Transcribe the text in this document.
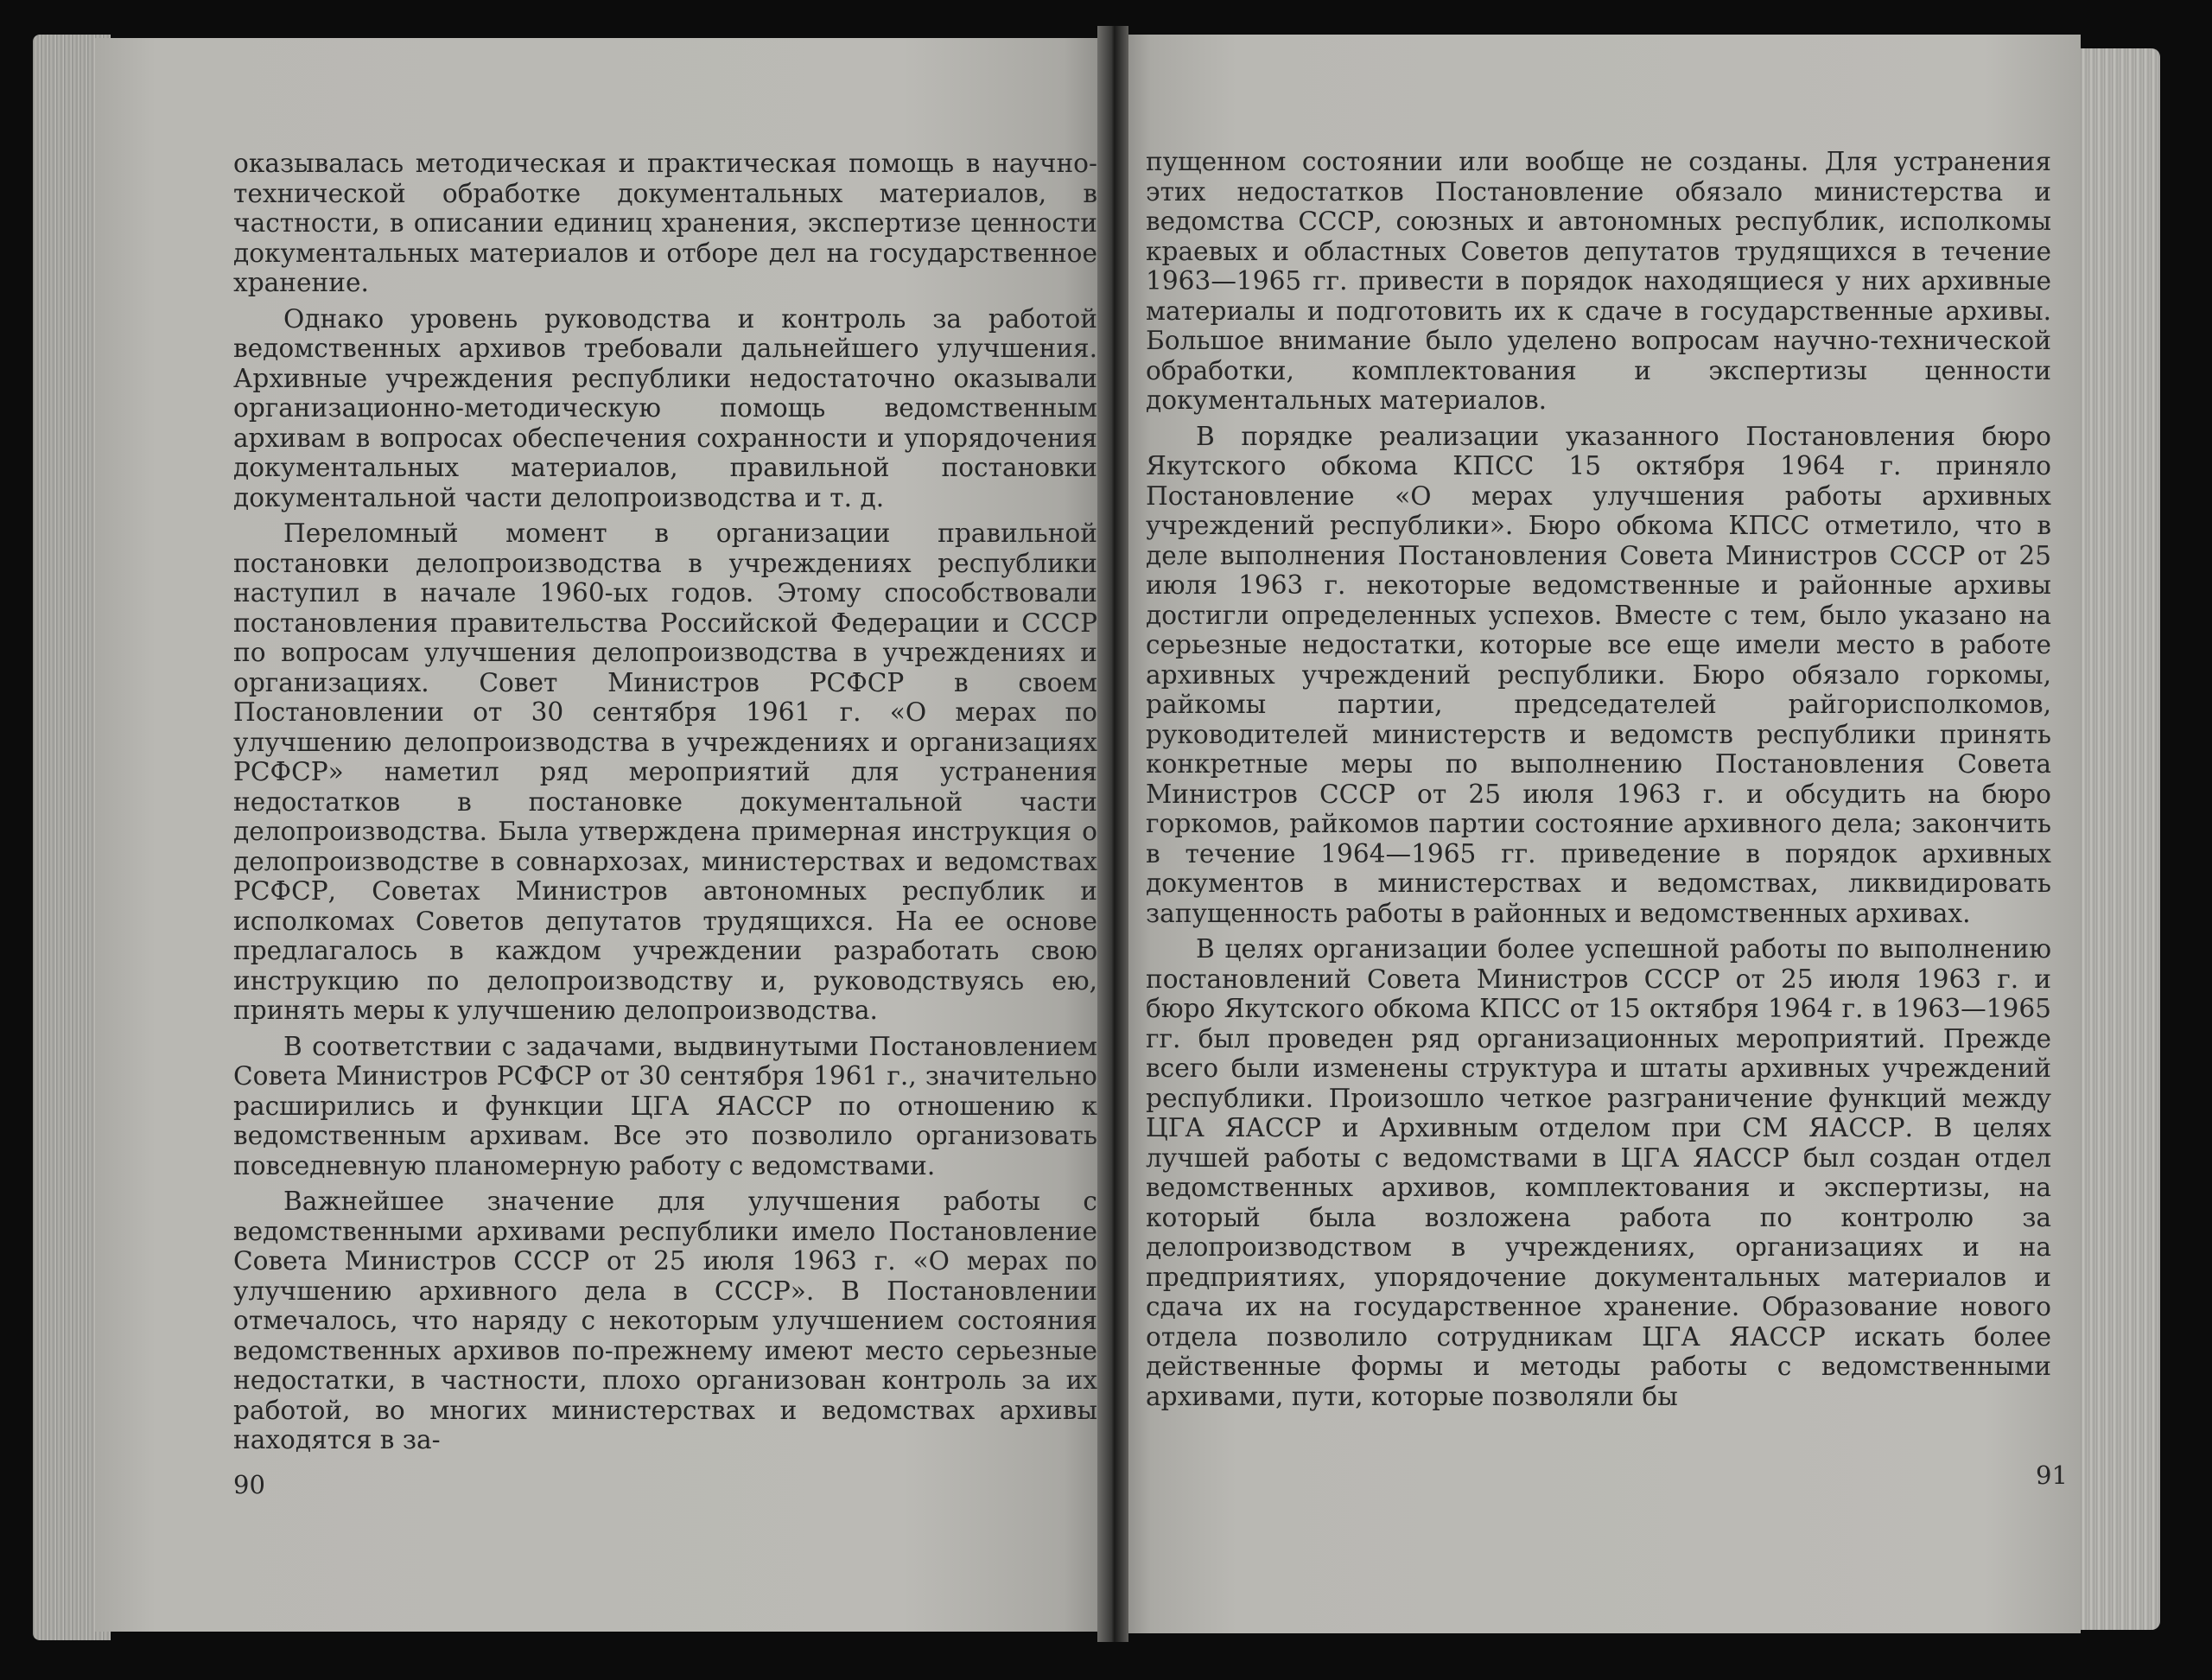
оказывалась методическая и практическая помощь в научно-технической обработке документальных материалов, в частности, в описании единиц хранения, экспертизе ценности документальных материалов и отборе дел на государственное хранение.

Однако уровень руководства и контроль за работой ведомственных архивов требовали дальнейшего улучшения. Архивные учреждения республики недостаточно оказывали организационно-методическую помощь ведомственным архивам в вопросах обеспечения сохранности и упорядочения документальных материалов, правильной постановки документальной части делопроизводства и т. д.

Переломный момент в организации правильной постановки делопроизводства в учреждениях республики наступил в начале 1960-ых годов. Этому способствовали постановления правительства Российской Федерации и СССР по вопросам улучшения делопроизводства в учреждениях и организациях. Совет Министров РСФСР в своем Постановлении от 30 сентября 1961 г. «О мерах по улучшению делопроизводства в учреждениях и организациях РСФСР» наметил ряд мероприятий для устранения недостатков в постановке документальной части делопроизводства. Была утверждена примерная инструкция о делопроизводстве в совнархозах, министерствах и ведомствах РСФСР, Советах Министров автономных республик и исполкомах Советов депутатов трудящихся. На ее основе предлагалось в каждом учреждении разработать свою инструкцию по делопроизводству и, руководствуясь ею, принять меры к улучшению делопроизводства.

В соответствии с задачами, выдвинутыми Постановлением Совета Министров РСФСР от 30 сентября 1961 г., значительно расширились и функции ЦГА ЯАССР по отношению к ведомственным архивам. Все это позволило организовать повседневную планомерную работу с ведомствами.

Важнейшее значение для улучшения работы с ведомственными архивами республики имело Постановление Совета Министров СССР от 25 июля 1963 г. «О мерах по улучшению архивного дела в СССР». В Постановлении отмечалось, что наряду с некоторым улучшением состояния ведомственных архивов по-прежнему имеют место серьезные недостатки, в частности, плохо организован контроль за их работой, во многих министерствах и ведомствах архивы находятся в за-

90

пущенном состоянии или вообще не созданы. Для устранения этих недостатков Постановление обязало министерства и ведомства СССР, союзных и автономных республик, исполкомы краевых и областных Советов депутатов трудящихся в течение 1963—1965 гг. привести в порядок находящиеся у них архивные материалы и подготовить их к сдаче в государственные архивы. Большое внимание было уделено вопросам научно-технической обработки, комплектования и экспертизы ценности документальных материалов.

В порядке реализации указанного Постановления бюро Якутского обкома КПСС 15 октября 1964 г. приняло Постановление «О мерах улучшения работы архивных учреждений республики». Бюро обкома КПСС отметило, что в деле выполнения Постановления Совета Министров СССР от 25 июля 1963 г. некоторые ведомственные и районные архивы достигли определенных успехов. Вместе с тем, было указано на серьезные недостатки, которые все еще имели место в работе архивных учреждений республики. Бюро обязало горкомы, райкомы партии, председателей райгорисполкомов, руководителей министерств и ведомств республики принять конкретные меры по выполнению Постановления Совета Министров СССР от 25 июля 1963 г. и обсудить на бюро горкомов, райкомов партии состояние архивного дела; закончить в течение 1964—1965 гг. приведение в порядок архивных документов в министерствах и ведомствах, ликвидировать запущенность работы в районных и ведомственных архивах.

В целях организации более успешной работы по выполнению постановлений Совета Министров СССР от 25 июля 1963 г. и бюро Якутского обкома КПСС от 15 октября 1964 г. в 1963—1965 гг. был проведен ряд организационных мероприятий. Прежде всего были изменены структура и штаты архивных учреждений республики. Произошло четкое разграничение функций между ЦГА ЯАССР и Архивным отделом при СМ ЯАССР. В целях лучшей работы с ведомствами в ЦГА ЯАССР был создан отдел ведомственных архивов, комплектования и экспертизы, на который была возложена работа по контролю за делопроизводством в учреждениях, организациях и на предприятиях, упорядочение документальных материалов и сдача их на государственное хранение. Образование нового отдела позволило сотрудникам ЦГА ЯАССР искать более действенные формы и методы работы с ведомственными архивами, пути, которые позволяли бы

91
